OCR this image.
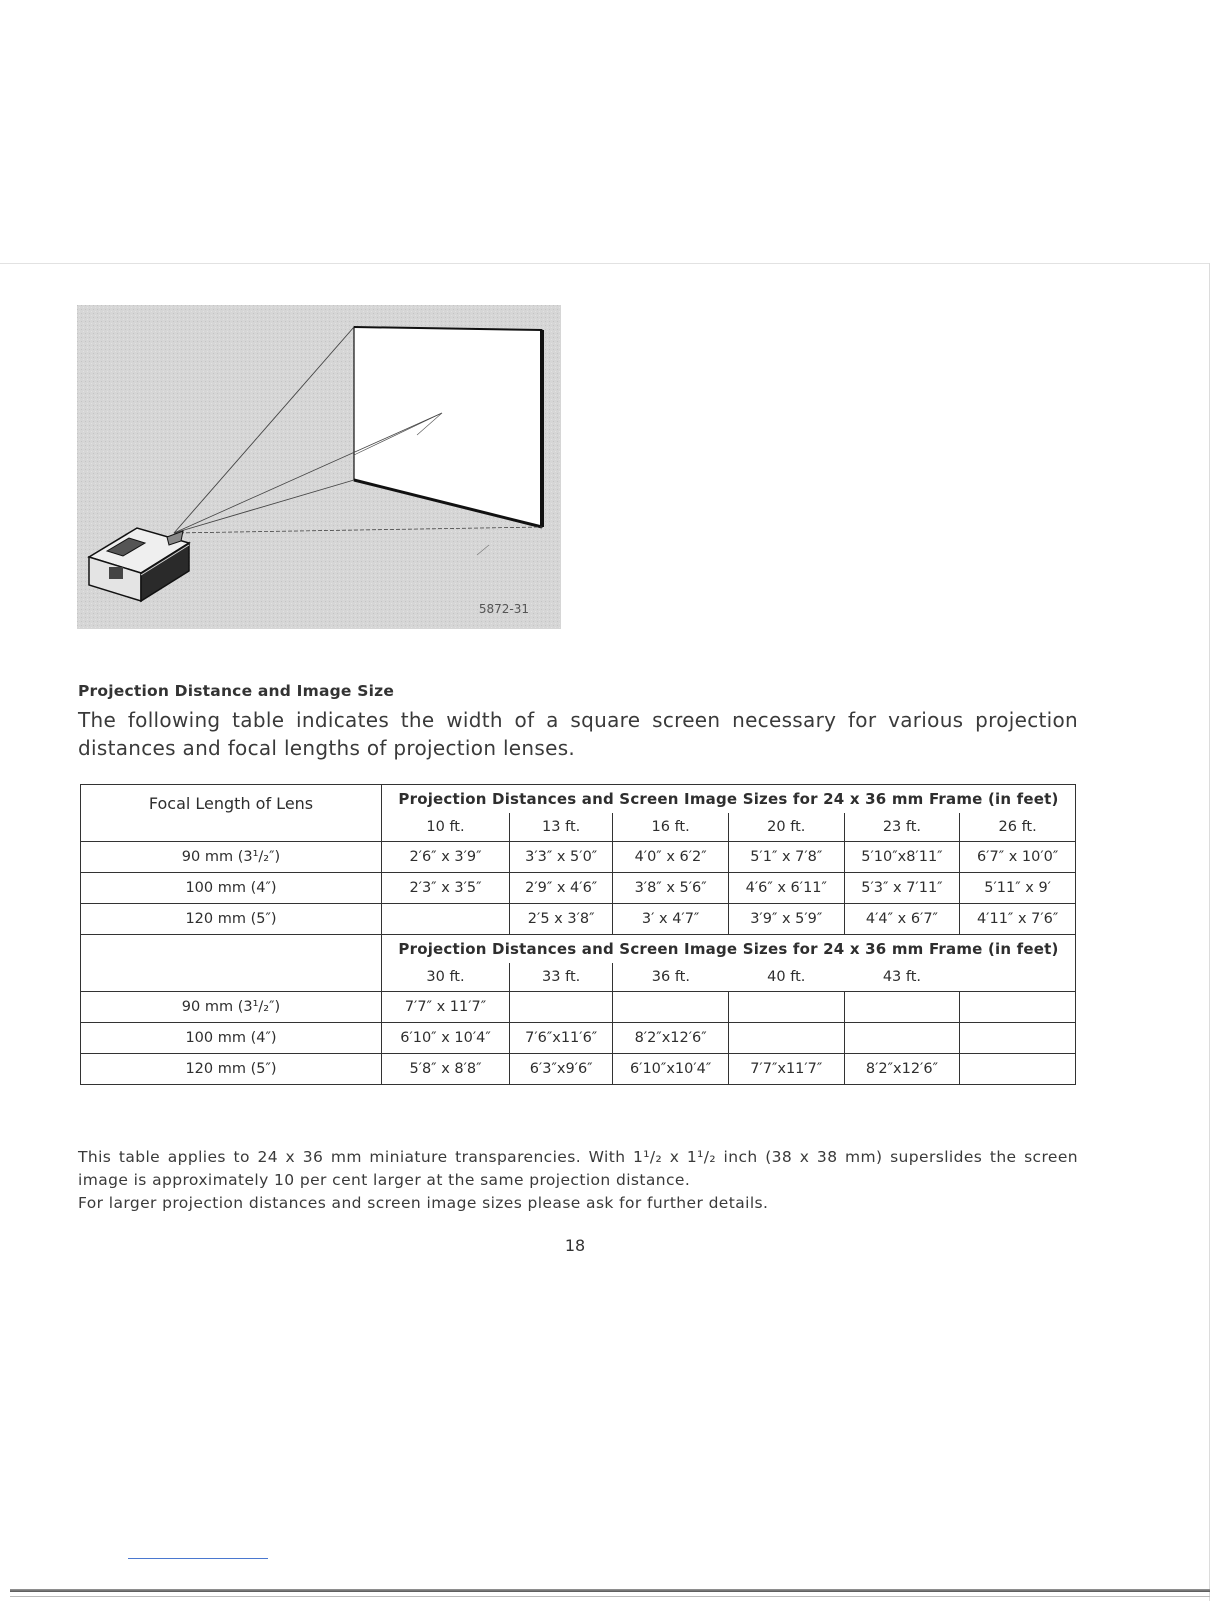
5872-31
Projection Distance and Image Size
The following table indicates the width of a square screen necessary for various projection distances and focal lengths of projection lenses.
Focal Length of Lens	Projection Distances and Screen Image Sizes for 24 x 36 mm Frame (in feet)					
	10 ft.	13 ft.	16 ft.	20 ft.	23 ft.	26 ft.
90 mm (3¹/₂″)	2′6″ x 3′9″	3′3″ x 5′0″	4′0″ x 6′2″	5′1″ x 7′8″	5′10″x8′11″	6′7″ x 10′0″
100 mm (4″)	2′3″ x 3′5″	2′9″ x 4′6″	3′8″ x 5′6″	4′6″ x 6′11″	5′3″ x 7′11″	5′11″ x 9′
120 mm (5″)		2′5 x 3′8″	3′ x 4′7″	3′9″ x 5′9″	4′4″ x 6′7″	4′11″ x 7′6″
	Projection Distances and Screen Image Sizes for 24 x 36 mm Frame (in feet)					
	30 ft.	33 ft.	36 ft.	40 ft.	43 ft.	
90 mm (3¹/₂″)	7′7″ x 11′7″					
100 mm (4″)	6′10″ x 10′4″	7′6″x11′6″	8′2″x12′6″			
120 mm (5″)	5′8″ x 8′8″	6′3″x9′6″	6′10″x10′4″	7′7″x11′7″	8′2″x12′6″	

This table applies to 24 x 36 mm miniature transparencies. With 1¹/₂ x 1¹/₂ inch (38 x 38 mm) superslides the screen image is approximately 10 per cent larger at the same projection distance.

For larger projection distances and screen image sizes please ask for further details.

18
